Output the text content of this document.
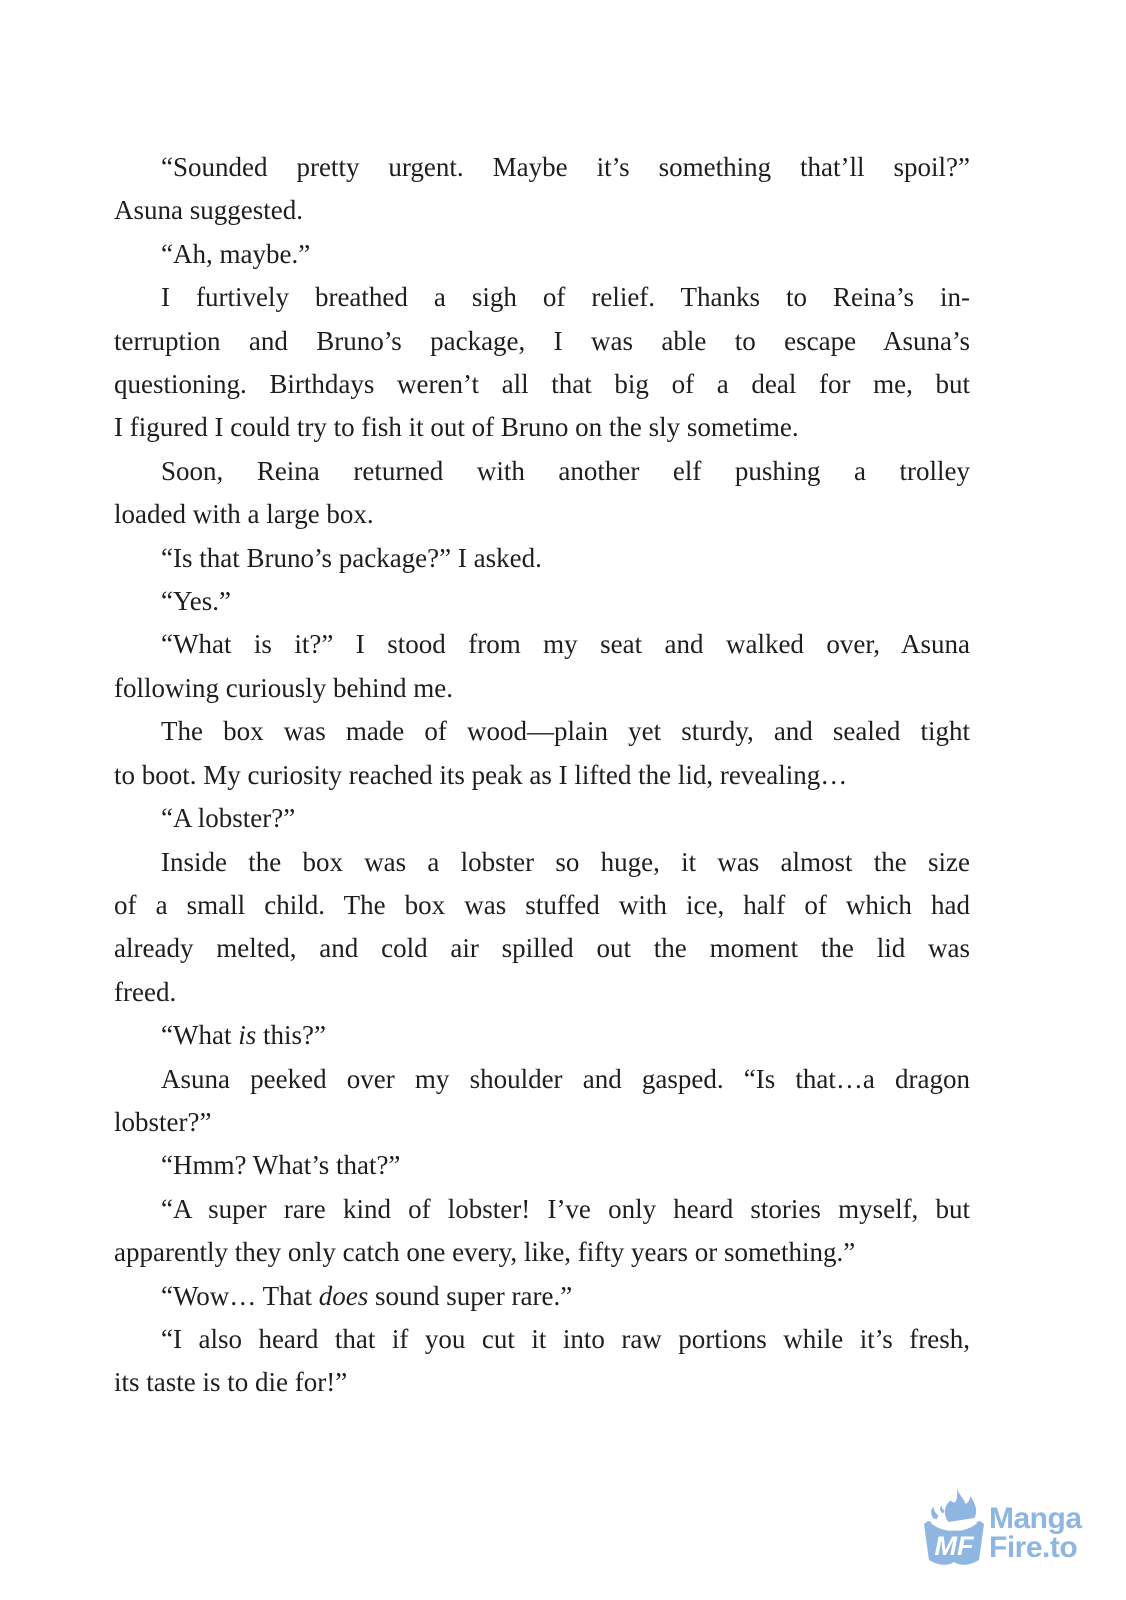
“Sounded pretty urgent. Maybe it’s something that’ll spoil?”
Asuna suggested.
“Ah, maybe.”
I furtively breathed a sigh of relief. Thanks to Reina’s in-
terruption and Bruno’s package, I was able to escape Asuna’s
questioning. Birthdays weren’t all that big of a deal for me, but
I figured I could try to fish it out of Bruno on the sly sometime.
Soon, Reina returned with another elf pushing a trolley
loaded with a large box.
“Is that Bruno’s package?” I asked.
“Yes.”
“What is it?” I stood from my seat and walked over, Asuna
following curiously behind me.
The box was made of wood—plain yet sturdy, and sealed tight
to boot. My curiosity reached its peak as I lifted the lid, revealing…
“A lobster?”
Inside the box was a lobster so huge, it was almost the size
of a small child. The box was stuffed with ice, half of which had
already melted, and cold air spilled out the moment the lid was
freed.
“What is this?”
Asuna peeked over my shoulder and gasped. “Is that…a dragon
lobster?”
“Hmm? What’s that?”
“A super rare kind of lobster! I’ve only heard stories myself, but
apparently they only catch one every, like, fifty years or something.”
“Wow… That does sound super rare.”
“I also heard that if you cut it into raw portions while it’s fresh,
its taste is to die for!”
MF
Manga
Fire.to
